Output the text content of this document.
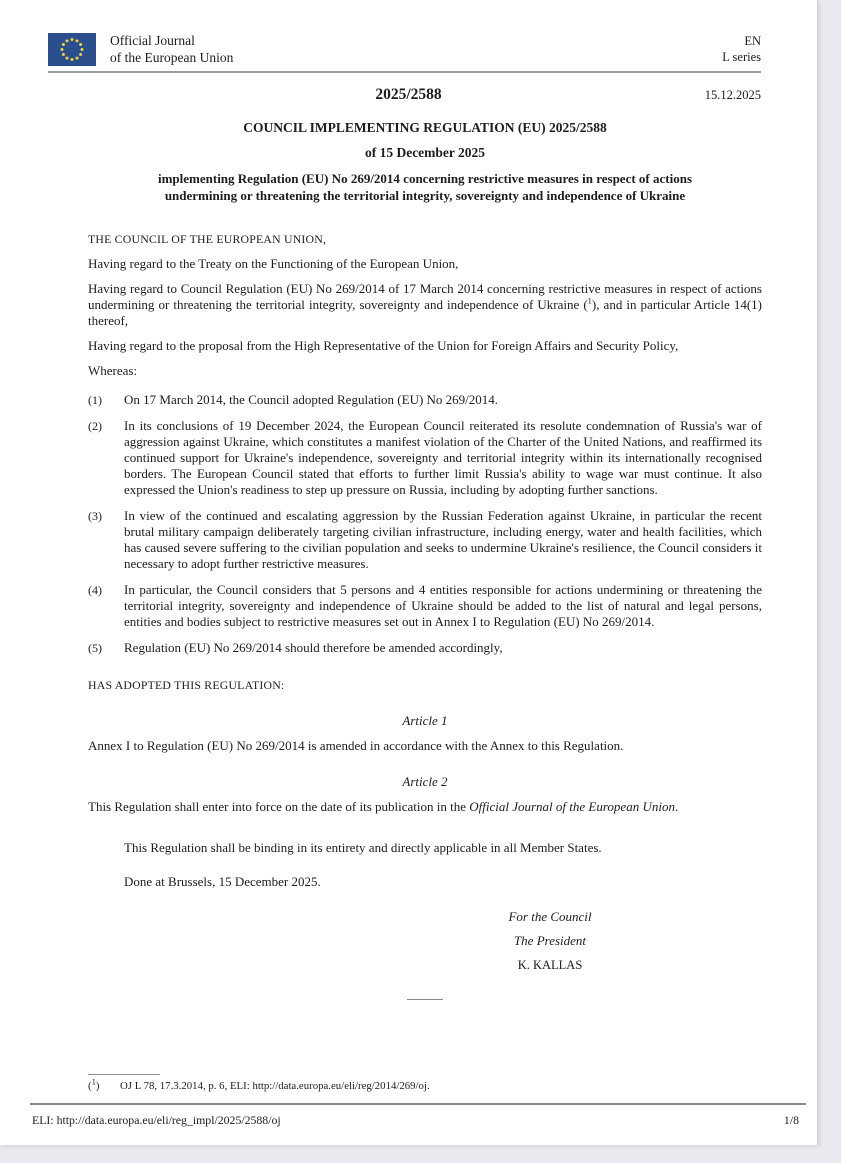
Official Journal
of the European Union
EN
L series
2025/2588	15.12.2025
COUNCIL IMPLEMENTING REGULATION (EU) 2025/2588
of 15 December 2025
implementing Regulation (EU) No 269/2014 concerning restrictive measures in respect of actions undermining or threatening the territorial integrity, sovereignty and independence of Ukraine
THE COUNCIL OF THE EUROPEAN UNION,

Having regard to the Treaty on the Functioning of the European Union,

Having regard to Council Regulation (EU) No 269/2014 of 17 March 2014 concerning restrictive measures in respect of actions undermining or threatening the territorial integrity, sovereignty and independence of Ukraine ($^1$), and in particular Article 14(1) thereof,

Having regard to the proposal from the High Representative of the Union for Foreign Affairs and Security Policy,

Whereas:

(1)	On 17 March 2014, the Council adopted Regulation (EU) No 269/2014.
(2)	In its conclusions of 19 December 2024, the European Council reiterated its resolute condemnation of Russia's war of aggression against Ukraine, which constitutes a manifest violation of the Charter of the United Nations, and reaffirmed its continued support for Ukraine's independence, sovereignty and territorial integrity within its internationally recognised borders. The European Council stated that efforts to further limit Russia's ability to wage war must continue. It also expressed the Union's readiness to step up pressure on Russia, including by adopting further sanctions.
(3)	In view of the continued and escalating aggression by the Russian Federation against Ukraine, in particular the recent brutal military campaign deliberately targeting civilian infrastructure, including energy, water and health facilities, which has caused severe suffering to the civilian population and seeks to undermine Ukraine's resilience, the Council considers it necessary to adopt further restrictive measures.
(4)	In particular, the Council considers that 5 persons and 4 entities responsible for actions undermining or threatening the territorial integrity, sovereignty and independence of Ukraine should be added to the list of natural and legal persons, entities and bodies subject to restrictive measures set out in Annex I to Regulation (EU) No 269/2014.
(5)	Regulation (EU) No 269/2014 should therefore be amended accordingly,
HAS ADOPTED THIS REGULATION:
Article 1

Annex I to Regulation (EU) No 269/2014 is amended in accordance with the Annex to this Regulation.

Article 2

This Regulation shall enter into force on the date of its publication in the Official Journal of the European Union.

This Regulation shall be binding in its entirety and directly applicable in all Member States.

Done at Brussels, 15 December 2025.

For the Council
The President
K. KALLAS
($^1$)	OJ L 78, 17.3.2014, p. 6, ELI: http://data.europa.eu/eli/reg/2014/269/oj.
ELI: http://data.europa.eu/eli/reg_impl/2025/2588/oj	1/8
